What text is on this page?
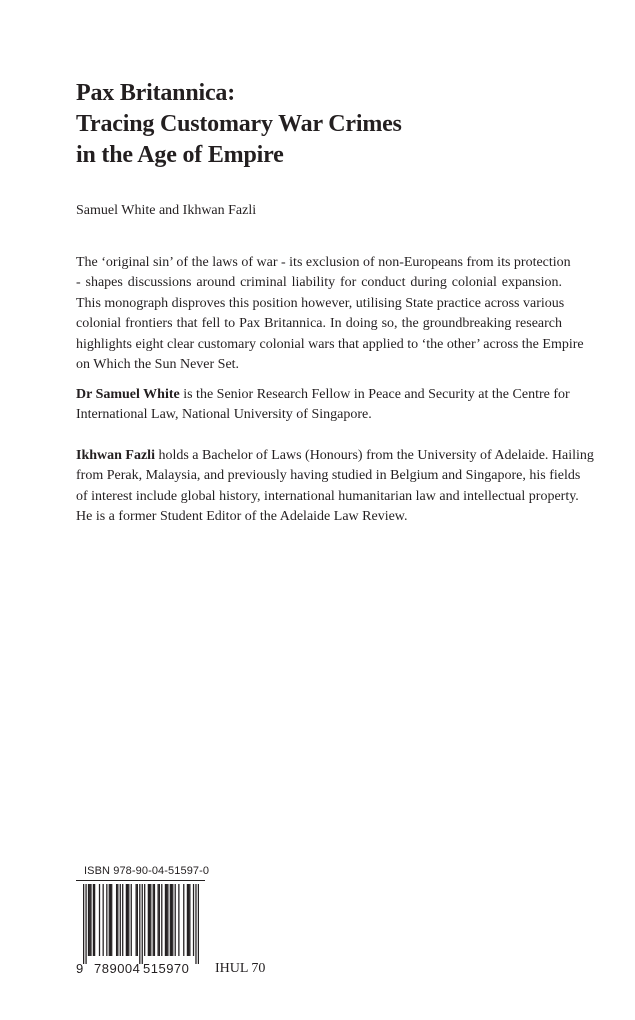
Pax Britannica:
Tracing Customary War Crimes
in the Age of Empire
Samuel White and Ikhwan Fazli
The ‘original sin’ of the laws of war - its exclusion of non-Europeans from its protection
- shapes discussions around criminal liability for conduct during colonial expansion.
This monograph disproves this position however, utilising State practice across various
colonial frontiers that fell to Pax Britannica. In doing so, the groundbreaking research
highlights eight clear customary colonial wars that applied to ‘the other’ across the Empire
on Which the Sun Never Set.
Dr Samuel White is the Senior Research Fellow in Peace and Security at the Centre for
International Law, National University of Singapore.
Ikhwan Fazli holds a Bachelor of Laws (Honours) from the University of Adelaide. Hailing
from Perak, Malaysia, and previously having studied in Belgium and Singapore, his fields
of interest include global history, international humanitarian law and intellectual property.
He is a former Student Editor of the Adelaide Law Review.
ISBN 978-90-04-51597-0
9 789004 515970 IHUL 70
